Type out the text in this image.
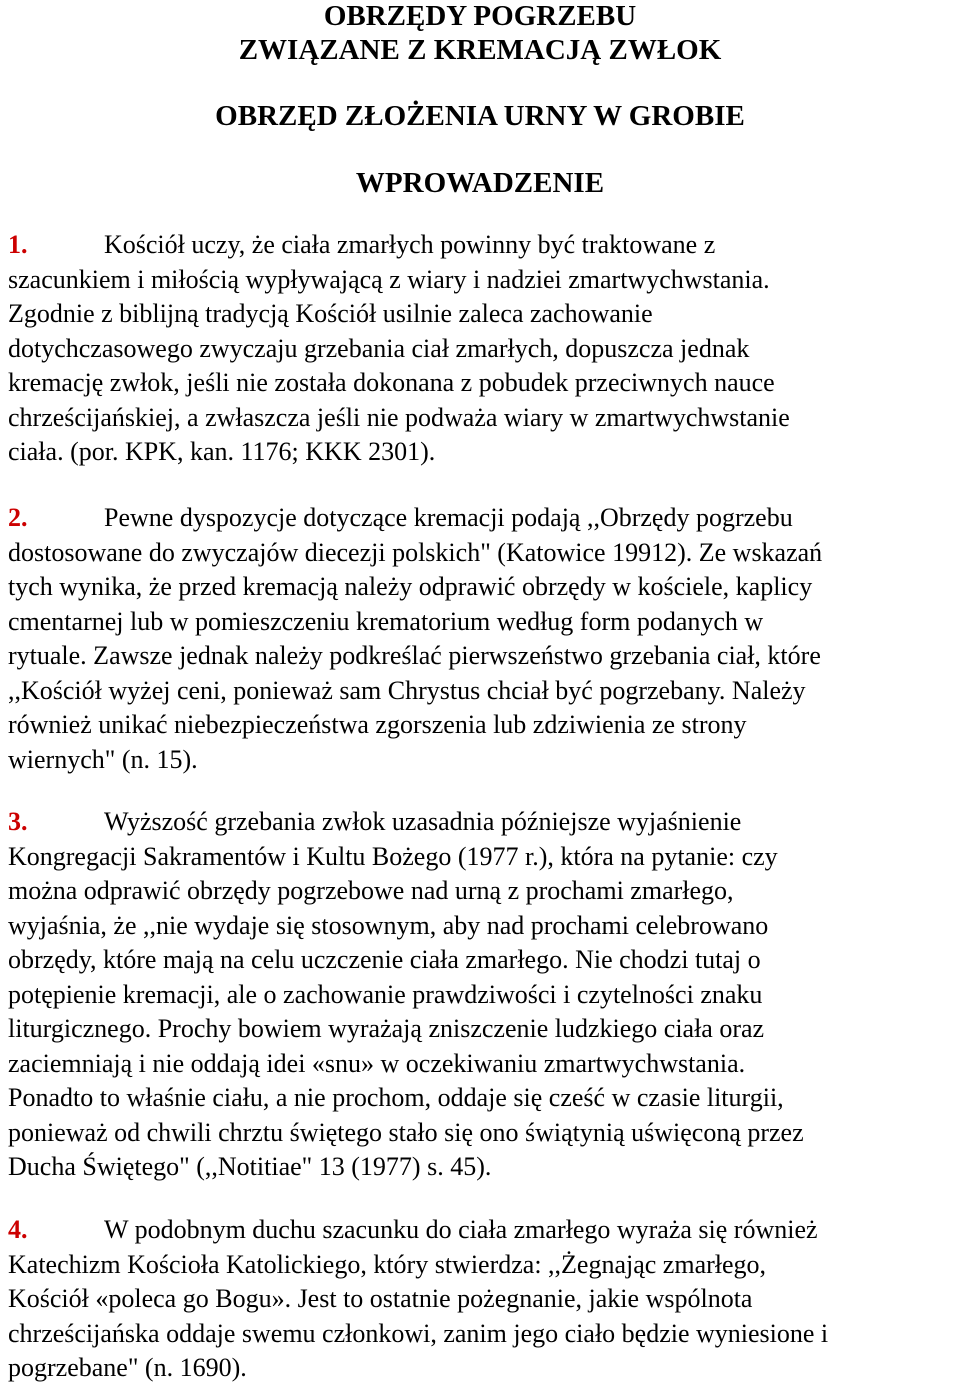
OBRZĘDY POGRZEBU
ZWIĄZANE Z KREMACJĄ ZWŁOK
OBRZĘD ZŁOŻENIA URNY W GROBIE
WPROWADZENIE
1.	Kościół uczy, że ciała zmarłych powinny być traktowane z
szacunkiem i miłością wypływającą z wiary i nadziei zmartwychwstania.
Zgodnie z biblijną tradycją Kościół usilnie zaleca zachowanie
dotychczasowego zwyczaju grzebania ciał zmarłych, dopuszcza jednak
kremację zwłok, jeśli nie została dokonana z pobudek przeciwnych nauce
chrześcijańskiej, a zwłaszcza jeśli nie podważa wiary w zmartwychwstanie
ciała. (por. KPK, kan. 1176; KKK 2301).
2.	Pewne dyspozycje dotyczące kremacji podają ,,Obrzędy pogrzebu
dostosowane do zwyczajów diecezji polskich" (Katowice 19912). Ze wskazań
tych wynika, że przed kremacją należy odprawić obrzędy w kościele, kaplicy
cmentarnej lub w pomieszczeniu krematorium według form podanych w
rytuale. Zawsze jednak należy podkreślać pierwszeństwo grzebania ciał, które
,,Kościół wyżej ceni, ponieważ sam Chrystus chciał być pogrzebany. Należy
również unikać niebezpieczeństwa zgorszenia lub zdziwienia ze strony
wiernych" (n. 15).
3.	Wyższość grzebania zwłok uzasadnia późniejsze wyjaśnienie
Kongregacji Sakramentów i Kultu Bożego (1977 r.), która na pytanie: czy
można odprawić obrzędy pogrzebowe nad urną z prochami zmarłego,
wyjaśnia, że ,,nie wydaje się stosownym, aby nad prochami celebrowano
obrzędy, które mają na celu uczczenie ciała zmarłego. Nie chodzi tutaj o
potępienie kremacji, ale o zachowanie prawdziwości i czytelności znaku
liturgicznego. Prochy bowiem wyrażają zniszczenie ludzkiego ciała oraz
zaciemniają i nie oddają idei «snu» w oczekiwaniu zmartwychwstania.
Ponadto to właśnie ciału, a nie prochom, oddaje się cześć w czasie liturgii,
ponieważ od chwili chrztu świętego stało się ono świątynią uświęconą przez
Ducha Świętego" (,,Notitiae" 13 (1977) s. 45).
4.	W podobnym duchu szacunku do ciała zmarłego wyraża się również
Katechizm Kościoła Katolickiego, który stwierdza: ,,Żegnając zmarłego,
Kościół «poleca go Bogu». Jest to ostatnie pożegnanie, jakie wspólnota
chrześcijańska oddaje swemu członkowi, zanim jego ciało będzie wyniesione i
pogrzebane" (n. 1690).
